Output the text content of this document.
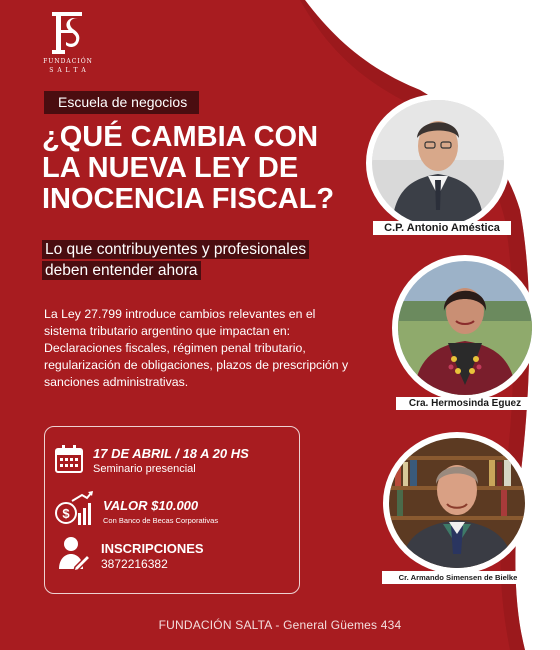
FUNDACIÓN
S A L T A
Escuela de negocios
¿QUÉ CAMBIA CON LA NUEVA LEY DE INOCENCIA FISCAL?
Lo que contribuyentes y profesionales
deben entender ahora
La Ley 27.799 introduce cambios relevantes en el sistema tributario argentino que impactan en: Declaraciones fiscales, régimen penal tributario, regularización de obligaciones, plazos de prescripción y sanciones administrativas.
17 DE ABRIL / 18 A 20 HS
Seminario presencial
$
VALOR $10.000
Con Banco de Becas Corporativas
INSCRIPCIONES
3872216382
C.P. Antonio Améstica
Cra. Hermosinda Eguez
Cr. Armando Simensen de Bielke
FUNDACIÓN SALTA - General Güemes 434
